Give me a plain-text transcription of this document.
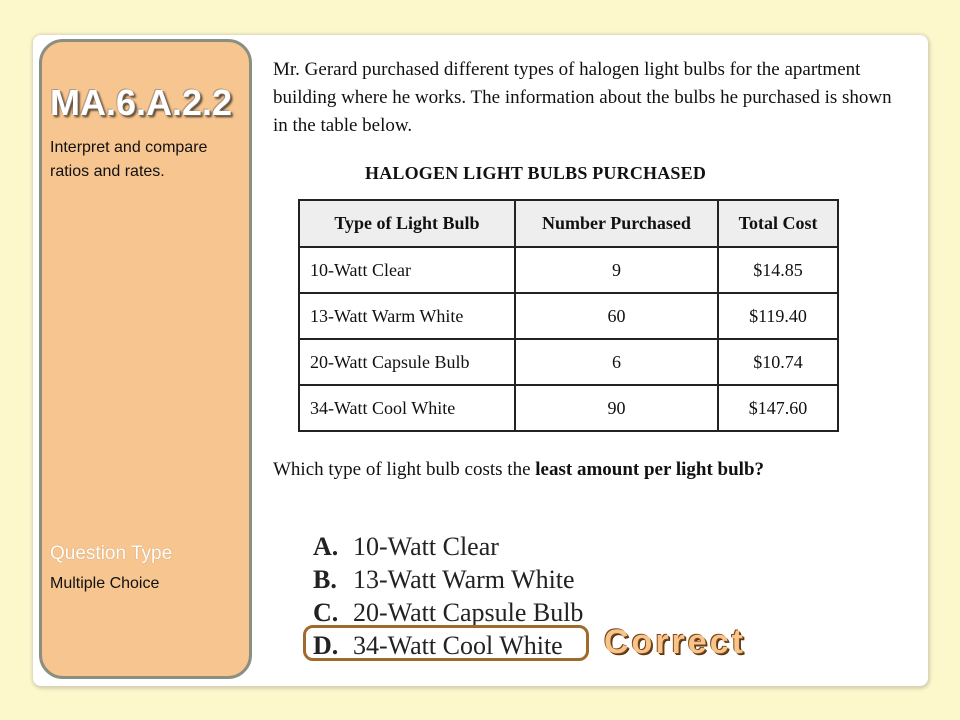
MA.6.A.2.2
Interpret and compare ratios and rates.
Question Type
Multiple Choice

Mr. Gerard purchased different types of halogen light bulbs for the apartment building where he works. The information about the bulbs he purchased is shown in the table below.

HALOGEN LIGHT BULBS PURCHASED
Type of Light Bulb	Number Purchased	Total Cost
10-Watt Clear	9	$14.85
13-Watt Warm White	60	$119.40
20-Watt Capsule Bulb	6	$10.74
34-Watt Cool White	90	$147.60

Which type of light bulb costs the least amount per light bulb?

A. 10-Watt Clear
B. 13-Watt Warm White
C. 20-Watt Capsule Bulb
D. 34-Watt Cool White	Correct
